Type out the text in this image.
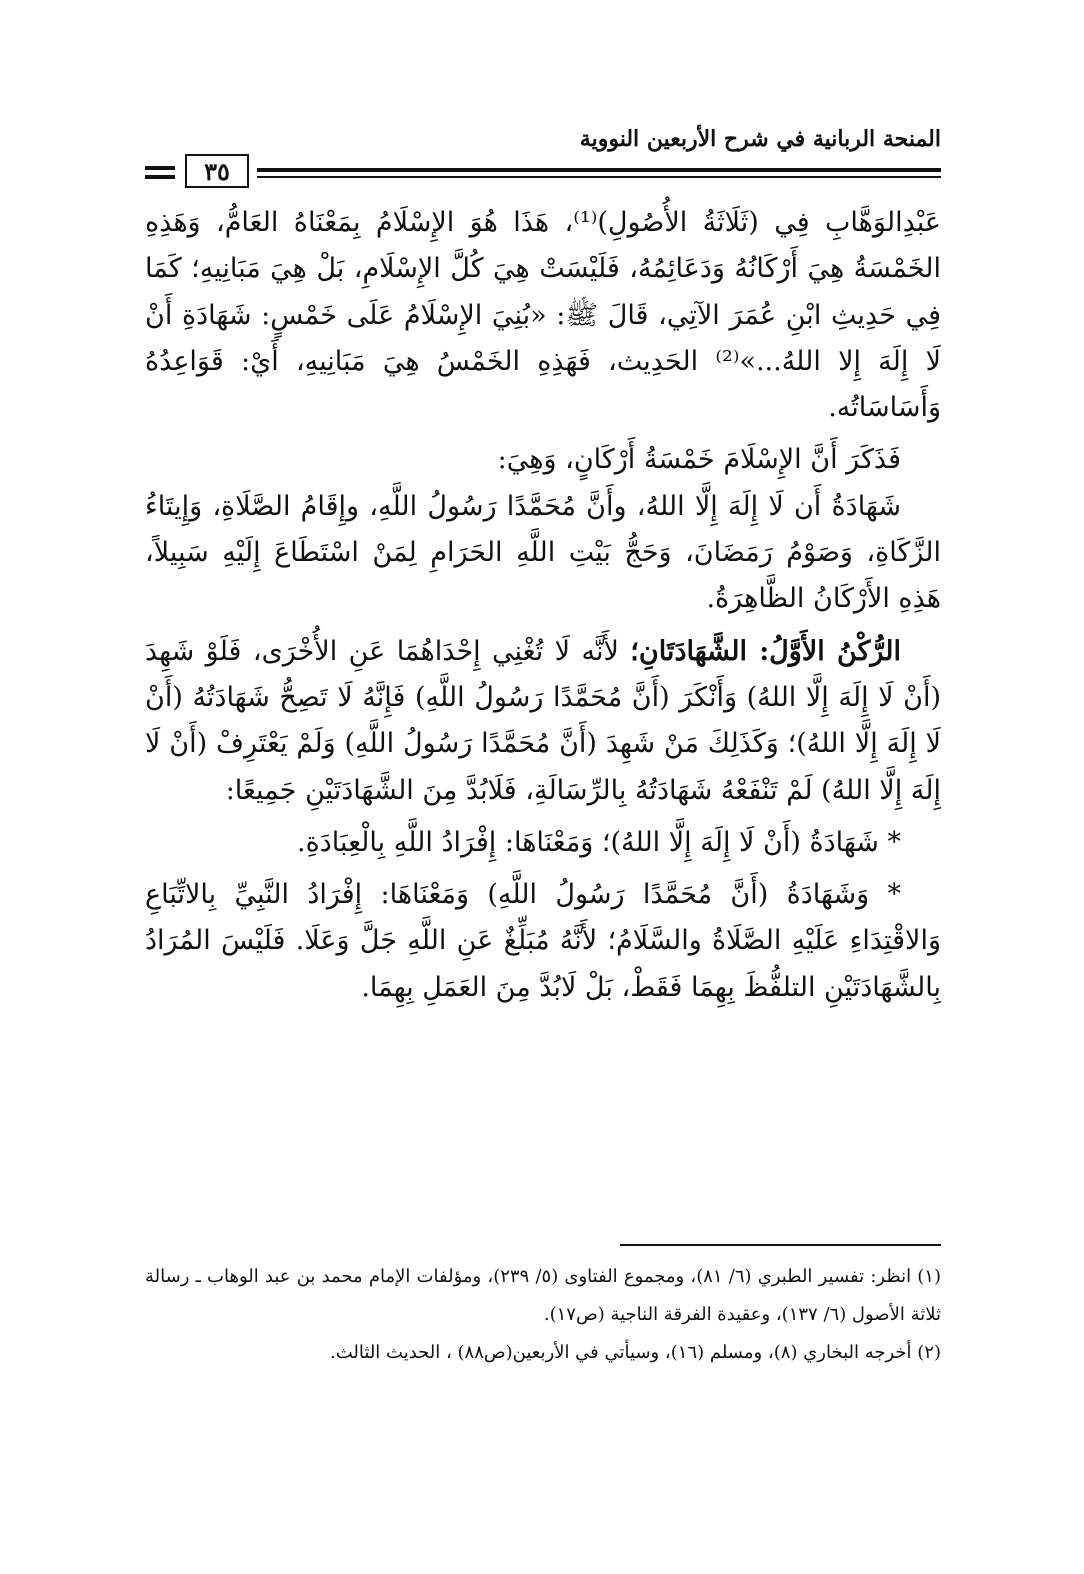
المنحة الربانية في شرح الأربعين النووية
٣٥

عَبْدِالوَهَّابِ فِي (ثَلَاثَةُ الأُصُولِ)⁽¹⁾، هَذَا هُوَ الإِسْلَامُ بِمَعْنَاهُ العَامُّ، وَهَذِهِ الخَمْسَةُ هِيَ أَرْكَانُهُ وَدَعَائِمُهُ، فَلَيْسَتْ هِيَ كُلَّ الإِسْلَامِ، بَلْ هِيَ مَبَانِيهِ؛ كَمَا فِي حَدِيثِ ابْنِ عُمَرَ الآتِي، قَالَ ﷺ: «بُنِيَ الإِسْلَامُ عَلَى خَمْسٍ: شَهَادَةِ أَنْ لَا إِلَهَ إِلا اللهُ...»⁽²⁾ الحَدِيث، فَهَذِهِ الخَمْسُ هِيَ مَبَانِيهِ، أَيْ: قَوَاعِدُهُ وَأَسَاسَاتُه.

فَذَكَرَ أَنَّ الإِسْلَامَ خَمْسَةُ أَرْكَانٍ، وَهِيَ:

شَهَادَةُ أَن لَا إِلَهَ إِلَّا اللهُ، وأَنَّ مُحَمَّدًا رَسُولُ اللَّهِ، وإِقَامُ الصَّلَاةِ، وَإِيتَاءُ الزَّكَاةِ، وَصَوْمُ رَمَضَانَ، وَحَجُّ بَيْتِ اللَّهِ الحَرَامِ لِمَنْ اسْتَطَاعَ إِلَيْهِ سَبِيلاً، هَذِهِ الأَرْكَانُ الظَّاهِرَةُ.

الرُّكْنُ الأَوَّلُ: الشَّهَادَتَانِ؛ لأَنَّه لَا تُغْنِي إِحْدَاهُمَا عَنِ الأُخْرَى، فَلَوْ شَهِدَ (أَنْ لَا إِلَهَ إِلَّا اللهُ) وَأَنْكَرَ (أَنَّ مُحَمَّدًا رَسُولُ اللَّهِ) فَإِنَّهُ لَا تَصِحُّ شَهَادَتُهُ (أَنْ لَا إِلَهَ إِلَّا اللهُ)؛ وَكَذَلِكَ مَنْ شَهِدَ (أَنَّ مُحَمَّدًا رَسُولُ اللَّهِ) وَلَمْ يَعْتَرِفْ (أَنْ لَا إِلَهَ إِلَّا اللهُ) لَمْ تَنْفَعْهُ شَهَادَتُهُ بِالرِّسَالَةِ، فَلَابُدَّ مِنَ الشَّهَادَتَيْنِ جَمِيعًا:

* شَهَادَةُ (أَنْ لَا إِلَهَ إِلَّا اللهُ)؛ وَمَعْنَاهَا: إِفْرَادُ اللَّهِ بِالْعِبَادَةِ.

* وَشَهَادَةُ (أَنَّ مُحَمَّدًا رَسُولُ اللَّهِ) وَمَعْنَاهَا: إِفْرَادُ النَّبِيِّ بِالاتِّبَاعِ وَالاقْتِدَاءِ عَلَيْهِ الصَّلَاةُ والسَّلَامُ؛ لأَنَّهُ مُبَلِّغٌ عَنِ اللَّهِ جَلَّ وَعَلَا. فَلَيْسَ المُرَادُ بِالشَّهَادَتَيْنِ التلفُّظَ بِهِمَا فَقَطْ، بَلْ لَابُدَّ مِنَ العَمَلِ بِهِمَا.

(١) انظر: تفسير الطبري (٦/ ٨١)، ومجموع الفتاوى (٥/ ٢٣٩)، ومؤلفات الإمام محمد بن عبد الوهاب ـ رسالة ثلاثة الأصول (٦/ ١٣٧)، وعقيدة الفرقة الناجية (ص١٧).

(٢) أخرجه البخاري (٨)، ومسلم (١٦)، وسيأتي في الأربعين(ص٨٨) ، الحديث الثالث.
